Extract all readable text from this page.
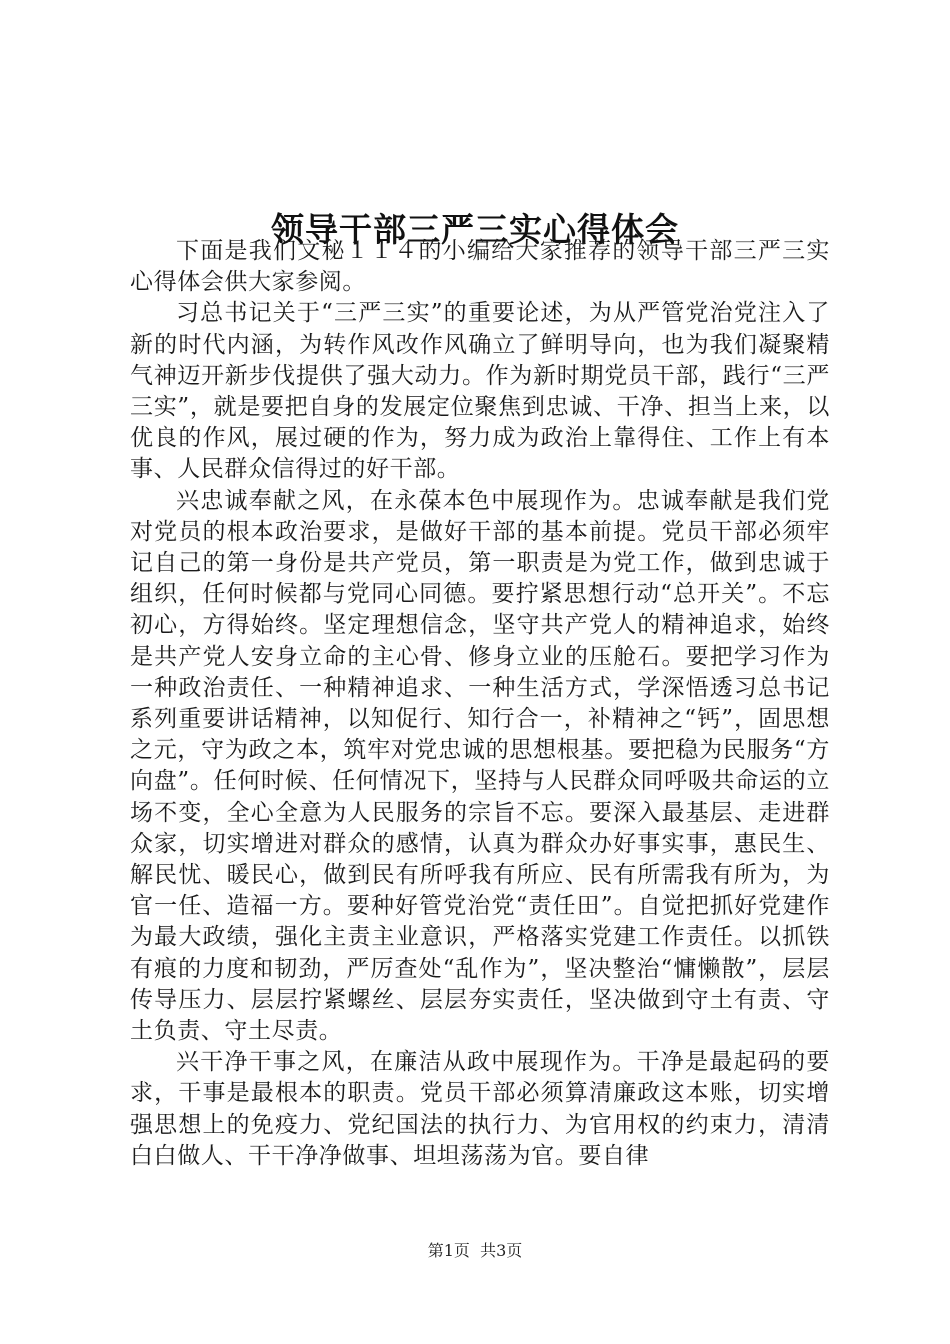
领导干部三严三实心得体会

下面是我们文秘１１４的小编给大家推荐的领导干部三严三实心得体会供大家参阅。

习总书记关于“三严三实”的重要论述，为从严管党治党注入了新的时代内涵，为转作风改作风确立了鲜明导向，也为我们凝聚精气神迈开新步伐提供了强大动力。作为新时期党员干部，践行“三严三实”，就是要把自身的发展定位聚焦到忠诚、干净、担当上来，以优良的作风，展过硬的作为，努力成为政治上靠得住、工作上有本事、人民群众信得过的好干部。

兴忠诚奉献之风，在永葆本色中展现作为。忠诚奉献是我们党对党员的根本政治要求，是做好干部的基本前提。党员干部必须牢记自己的第一身份是共产党员，第一职责是为党工作，做到忠诚于组织，任何时候都与党同心同德。要拧紧思想行动“总开关”。不忘初心，方得始终。坚定理想信念，坚守共产党人的精神追求，始终是共产党人安身立命的主心骨、修身立业的压舱石。要把学习作为一种政治责任、一种精神追求、一种生活方式，学深悟透习总书记系列重要讲话精神，以知促行、知行合一，补精神之“钙”，固思想之元，守为政之本，筑牢对党忠诚的思想根基。要把稳为民服务“方向盘”。任何时候、任何情况下，坚持与人民群众同呼吸共命运的立场不变，全心全意为人民服务的宗旨不忘。要深入最基层、走进群众家，切实增进对群众的感情，认真为群众办好事实事，惠民生、解民忧、暖民心，做到民有所呼我有所应、民有所需我有所为，为官一任、造福一方。要种好管党治党“责任田”。自觉把抓好党建作为最大政绩，强化主责主业意识，严格落实党建工作责任。以抓铁有痕的力度和韧劲，严厉查处“乱作为”，坚决整治“慵懒散”，层层传导压力、层层拧紧螺丝、层层夯实责任，坚决做到守土有责、守土负责、守土尽责。

兴干净干事之风，在廉洁从政中展现作为。干净是最起码的要求，干事是最根本的职责。党员干部必须算清廉政这本账，切实增强思想上的免疫力、党纪国法的执行力、为官用权的约束力，清清白白做人、干干净净做事、坦坦荡荡为官。要自律

第1页 共3页
